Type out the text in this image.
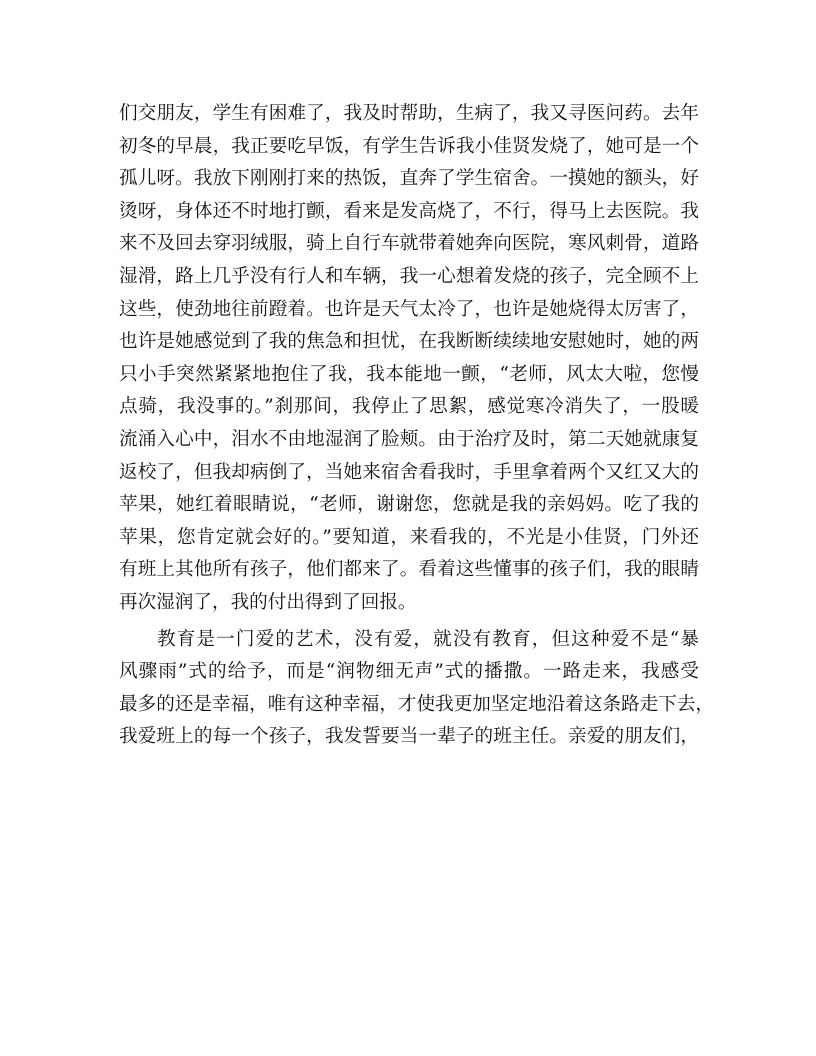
们交朋友，学生有困难了，我及时帮助，生病了，我又寻医问药。去年
初冬的早晨，我正要吃早饭，有学生告诉我小佳贤发烧了，她可是一个
孤儿呀。我放下刚刚打来的热饭，直奔了学生宿舍。一摸她的额头，好
烫呀，身体还不时地打颤，看来是发高烧了，不行，得马上去医院。我
来不及回去穿羽绒服，骑上自行车就带着她奔向医院，寒风刺骨，道路
湿滑，路上几乎没有行人和车辆，我一心想着发烧的孩子，完全顾不上
这些，使劲地往前蹬着。也许是天气太冷了，也许是她烧得太厉害了，
也许是她感觉到了我的焦急和担忧，在我断断续续地安慰她时，她的两
只小手突然紧紧地抱住了我，我本能地一颤，“老师，风太大啦，您慢
点骑，我没事的。”刹那间，我停止了思絮，感觉寒冷消失了，一股暖
流涌入心中，泪水不由地湿润了脸颊。由于治疗及时，第二天她就康复
返校了，但我却病倒了，当她来宿舍看我时，手里拿着两个又红又大的
苹果，她红着眼睛说，“老师，谢谢您，您就是我的亲妈妈。吃了我的
苹果，您肯定就会好的。”要知道，来看我的，不光是小佳贤，门外还
有班上其他所有孩子，他们都来了。看着这些懂事的孩子们，我的眼睛
再次湿润了，我的付出得到了回报。
教育是一门爱的艺术，没有爱，就没有教育，但这种爱不是“暴
风骤雨”式的给予，而是“润物细无声”式的播撒。一路走来，我感受
最多的还是幸福，唯有这种幸福，才使我更加坚定地沿着这条路走下去，
我爱班上的每一个孩子，我发誓要当一辈子的班主任。亲爱的朋友们，
